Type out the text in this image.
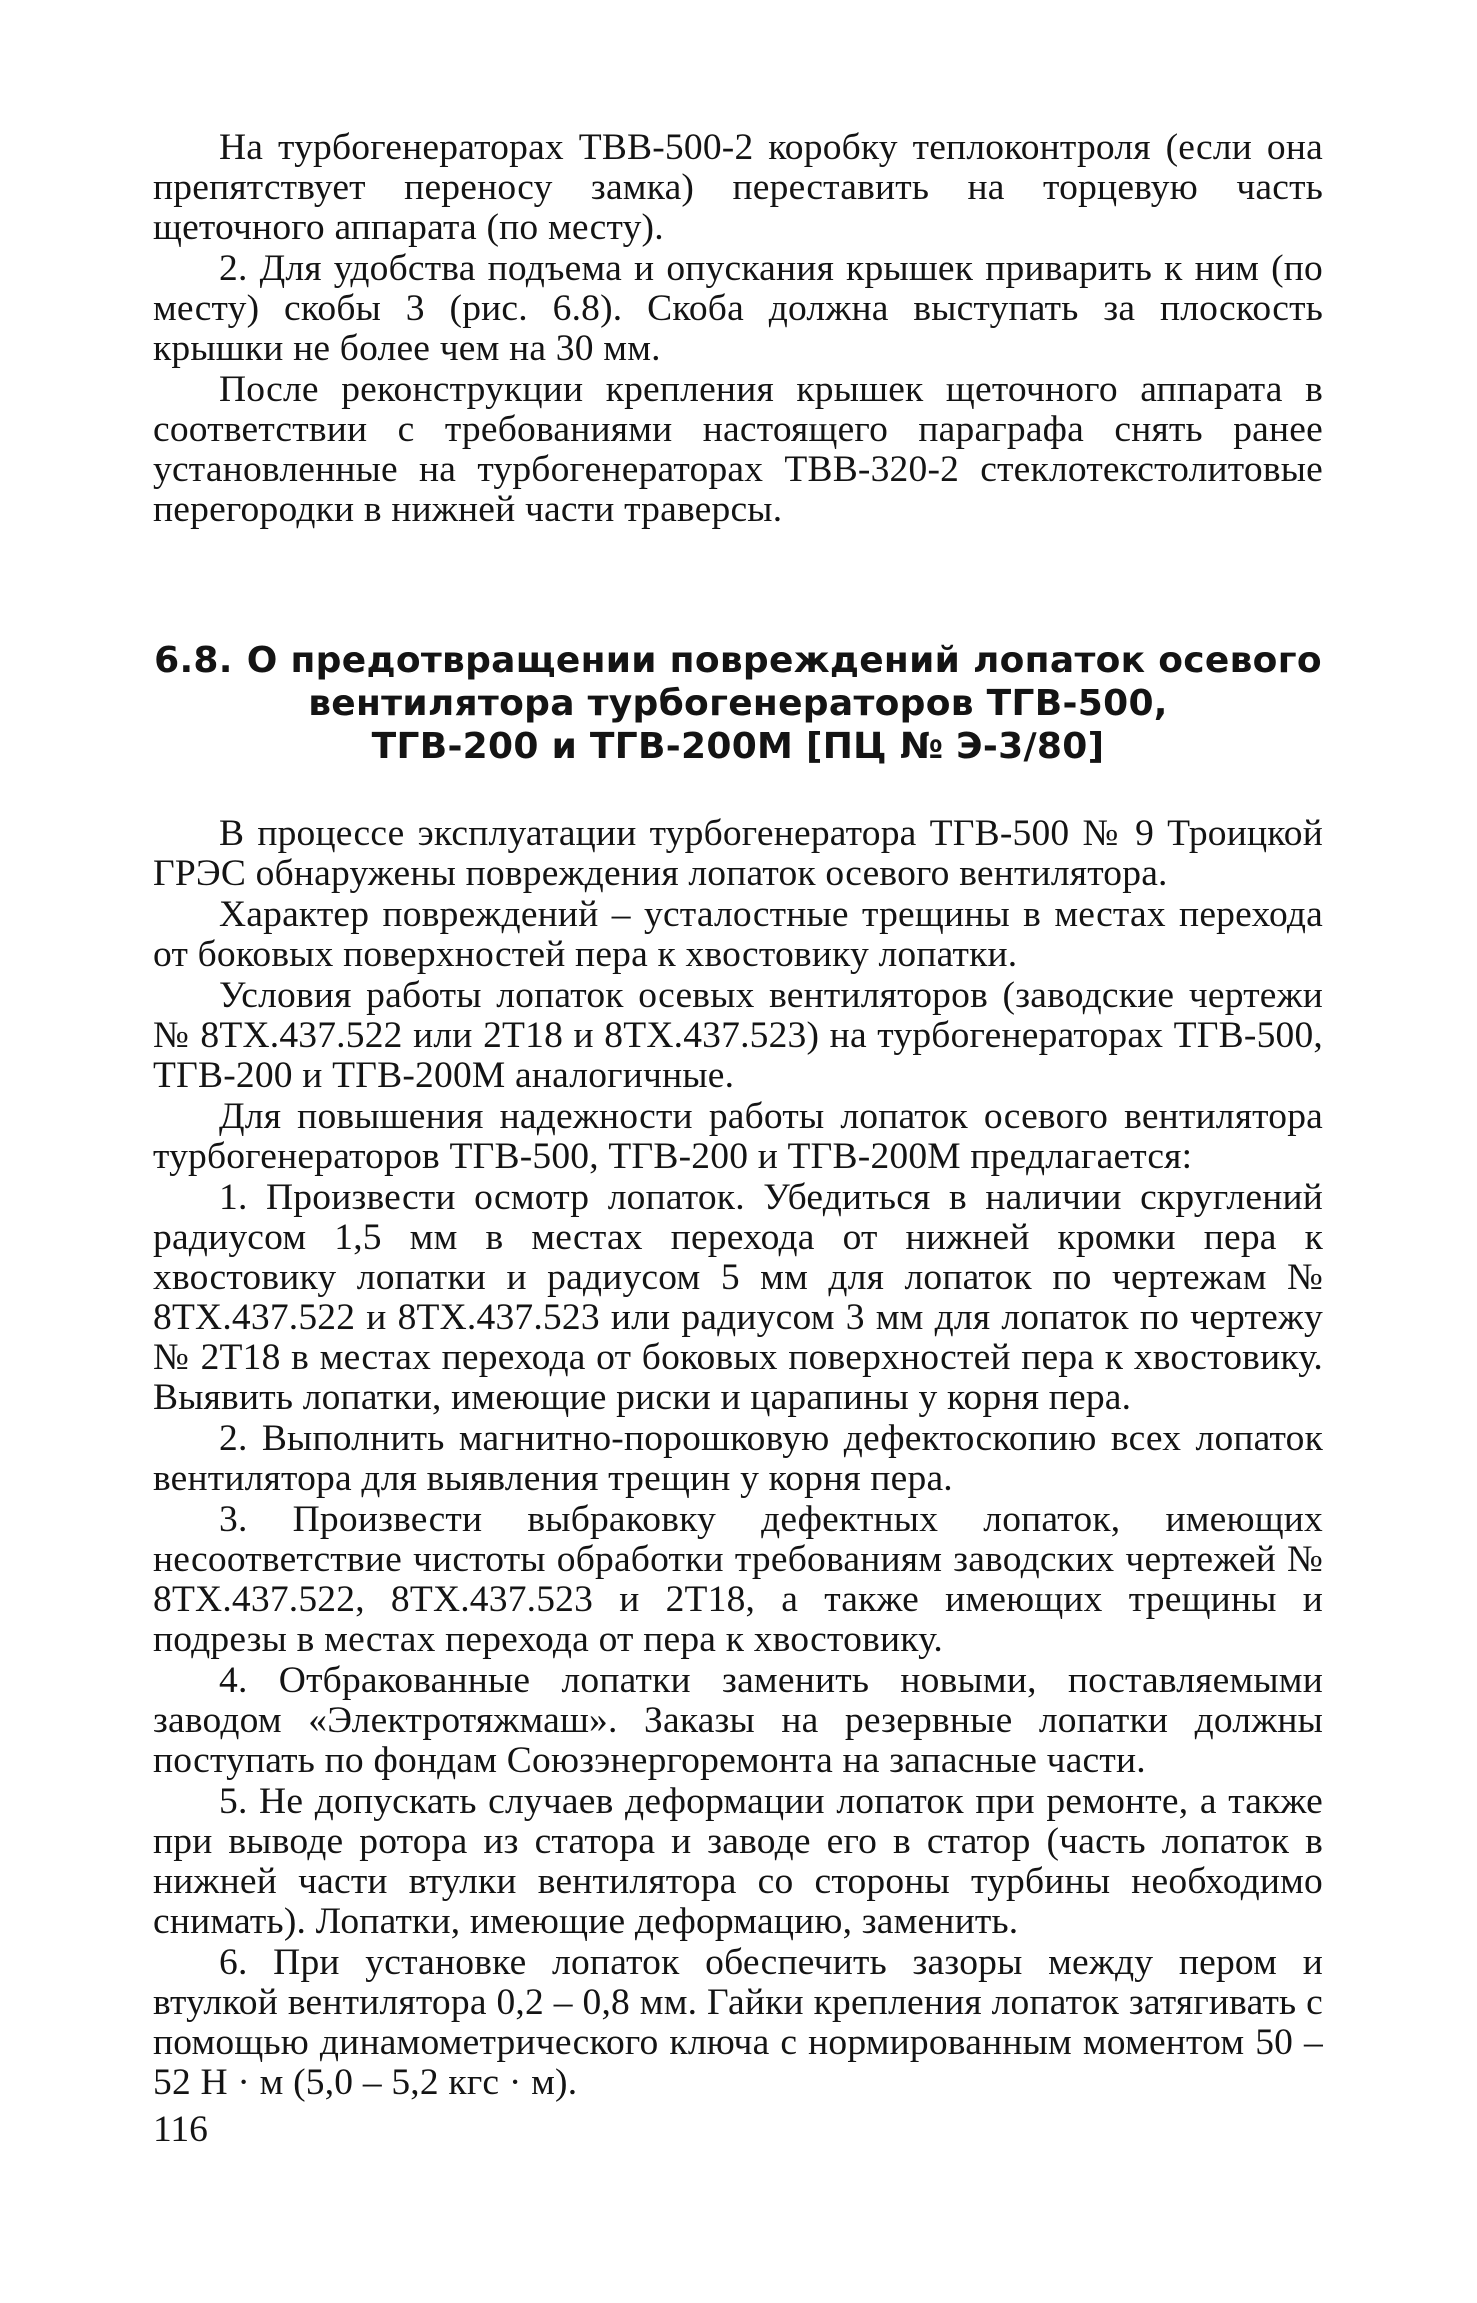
На турбогенераторах ТВВ-500-2 коробку теплоконтроля (если она препятствует переносу замка) переставить на торцевую часть щеточного аппарата (по месту).

2. Для удобства подъема и опускания крышек приварить к ним (по месту) скобы 3 (рис. 6.8). Скоба должна выступать за плоскость крышки не более чем на 30 мм.

После реконструкции крепления крышек щеточного аппарата в соответствии с требованиями настоящего параграфа снять ранее установленные на турбогенераторах ТВВ-320-2 стеклотекстолитовые перегородки в нижней части траверсы.

6.8. О предотвращении повреждений лопаток осевого
вентилятора турбогенераторов ТГВ-500,
ТГВ-200 и ТГВ-200М [ПЦ № Э-3/80]

В процессе эксплуатации турбогенератора ТГВ-500 № 9 Троицкой ГРЭС обнаружены повреждения лопаток осевого вентилятора.

Характер повреждений – усталостные трещины в местах перехода от боковых поверхностей пера к хвостовику лопатки.

Условия работы лопаток осевых вентиляторов (заводские чертежи № 8ТХ.437.522 или 2Т18 и 8ТХ.437.523) на турбогенераторах ТГВ-500, ТГВ-200 и ТГВ-200М аналогичные.

Для повышения надежности работы лопаток осевого вентилятора турбогенераторов ТГВ-500, ТГВ-200 и ТГВ-200М предлагается:

1. Произвести осмотр лопаток. Убедиться в наличии скруглений радиусом 1,5 мм в местах перехода от нижней кромки пера к хвостовику лопатки и радиусом 5 мм для лопаток по чертежам № 8ТХ.437.522 и 8ТХ.437.523 или радиусом 3 мм для лопаток по чертежу № 2Т18 в местах перехода от боковых поверхностей пера к хвостовику. Выявить лопатки, имеющие риски и царапины у корня пера.

2. Выполнить магнитно-порошковую дефектоскопию всех лопаток вентилятора для выявления трещин у корня пера.

3. Произвести выбраковку дефектных лопаток, имеющих несоответствие чистоты обработки требованиям заводских чертежей № 8ТХ.437.522, 8ТХ.437.523 и 2Т18, а также имеющих трещины и подрезы в местах перехода от пера к хвостовику.

4. Отбракованные лопатки заменить новыми, поставляемыми заводом «Электротяжмаш». Заказы на резервные лопатки должны поступать по фондам Союзэнергоремонта на запасные части.

5. Не допускать случаев деформации лопаток при ремонте, а также при выводе ротора из статора и заводе его в статор (часть лопаток в нижней части втулки вентилятора со стороны турбины необходимо снимать). Лопатки, имеющие деформацию, заменить.

6. При установке лопаток обеспечить зазоры между пером и втулкой вентилятора 0,2 – 0,8 мм. Гайки крепления лопаток затягивать с помощью динамометрического ключа с нормированным моментом 50 – 52 Н · м (5,0 – 5,2 кгс · м).

116
